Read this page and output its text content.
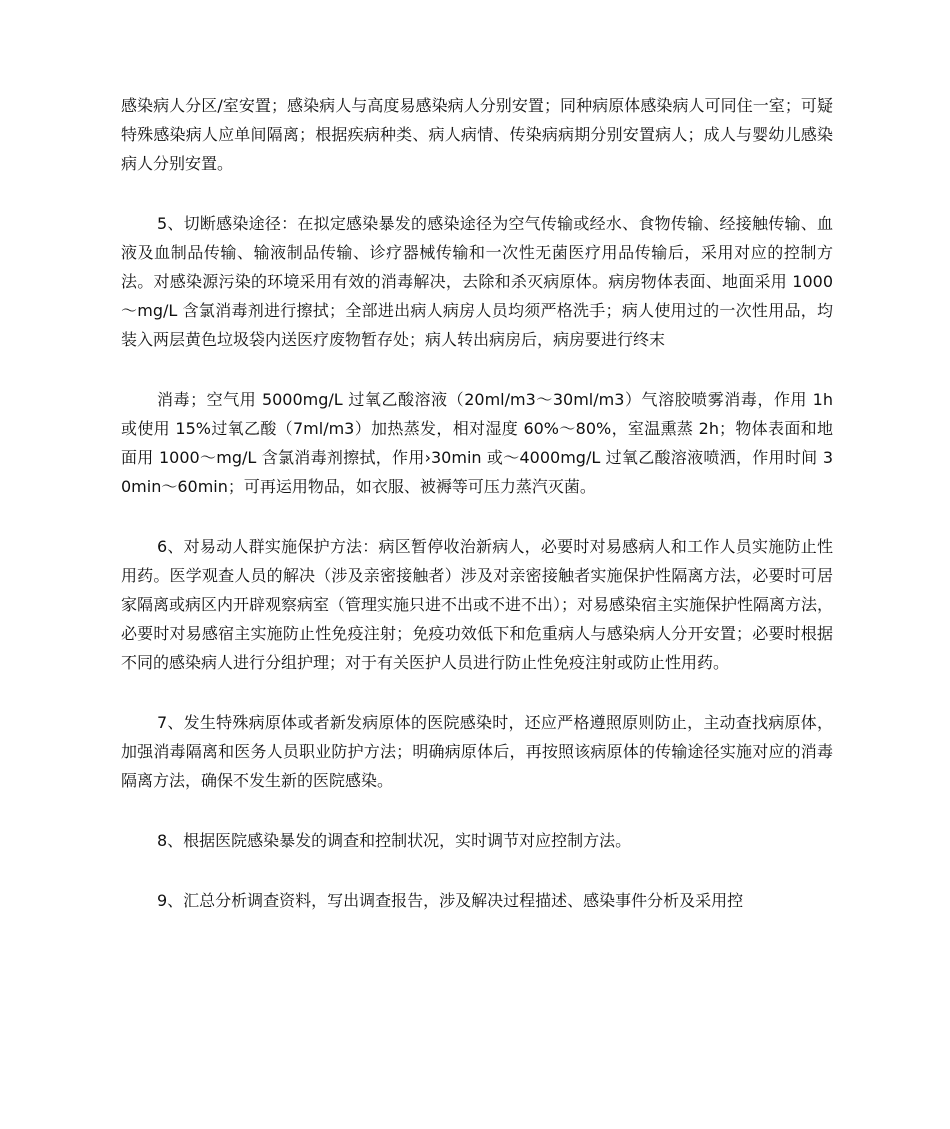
感染病人分区/室安置；感染病人与高度易感染病人分别安置；同种病原体感染病人可同住一室；可疑特殊感染病人应单间隔离；根据疾病种类、病人病情、传染病病期分别安置病人；成人与婴幼儿感染病人分别安置。

5、切断感染途径：在拟定感染暴发的感染途径为空气传输或经水、食物传输、经接触传输、血液及血制品传输、输液制品传输、诊疗器械传输和一次性无菌医疗用品传输后，采用对应的控制方法。对感染源污染的环境采用有效的消毒解决，去除和杀灭病原体。病房物体表面、地面采用 1000～mg/L 含氯消毒剂进行擦拭；全部进出病人病房人员均须严格洗手；病人使用过的一次性用品，均装入两层黄色垃圾袋内送医疗废物暂存处；病人转出病房后，病房要进行终末

消毒；空气用 5000mg/L 过氧乙酸溶液（20ml/m3～30ml/m3）气溶胶喷雾消毒，作用 1h 或使用 15%过氧乙酸（7ml/m3）加热蒸发，相对湿度 60%～80%，室温熏蒸 2h；物体表面和地面用 1000～mg/L 含氯消毒剂擦拭，作用›30min 或～4000mg/L 过氧乙酸溶液喷洒，作用时间 30min～60min；可再运用物品，如衣服、被褥等可压力蒸汽灭菌。

6、对易动人群实施保护方法：病区暂停收治新病人，必要时对易感病人和工作人员实施防止性用药。医学观查人员的解决（涉及亲密接触者）涉及对亲密接触者实施保护性隔离方法，必要时可居家隔离或病区内开辟观察病室（管理实施只进不出或不进不出）；对易感染宿主实施保护性隔离方法，必要时对易感宿主实施防止性免疫注射；免疫功效低下和危重病人与感染病人分开安置；必要时根据不同的感染病人进行分组护理；对于有关医护人员进行防止性免疫注射或防止性用药。

7、发生特殊病原体或者新发病原体的医院感染时，还应严格遵照原则防止，主动查找病原体，加强消毒隔离和医务人员职业防护方法；明确病原体后，再按照该病原体的传输途径实施对应的消毒隔离方法，确保不发生新的医院感染。

8、根据医院感染暴发的调查和控制状况，实时调节对应控制方法。

9、汇总分析调查资料，写出调查报告，涉及解决过程描述、感染事件分析及采用控
